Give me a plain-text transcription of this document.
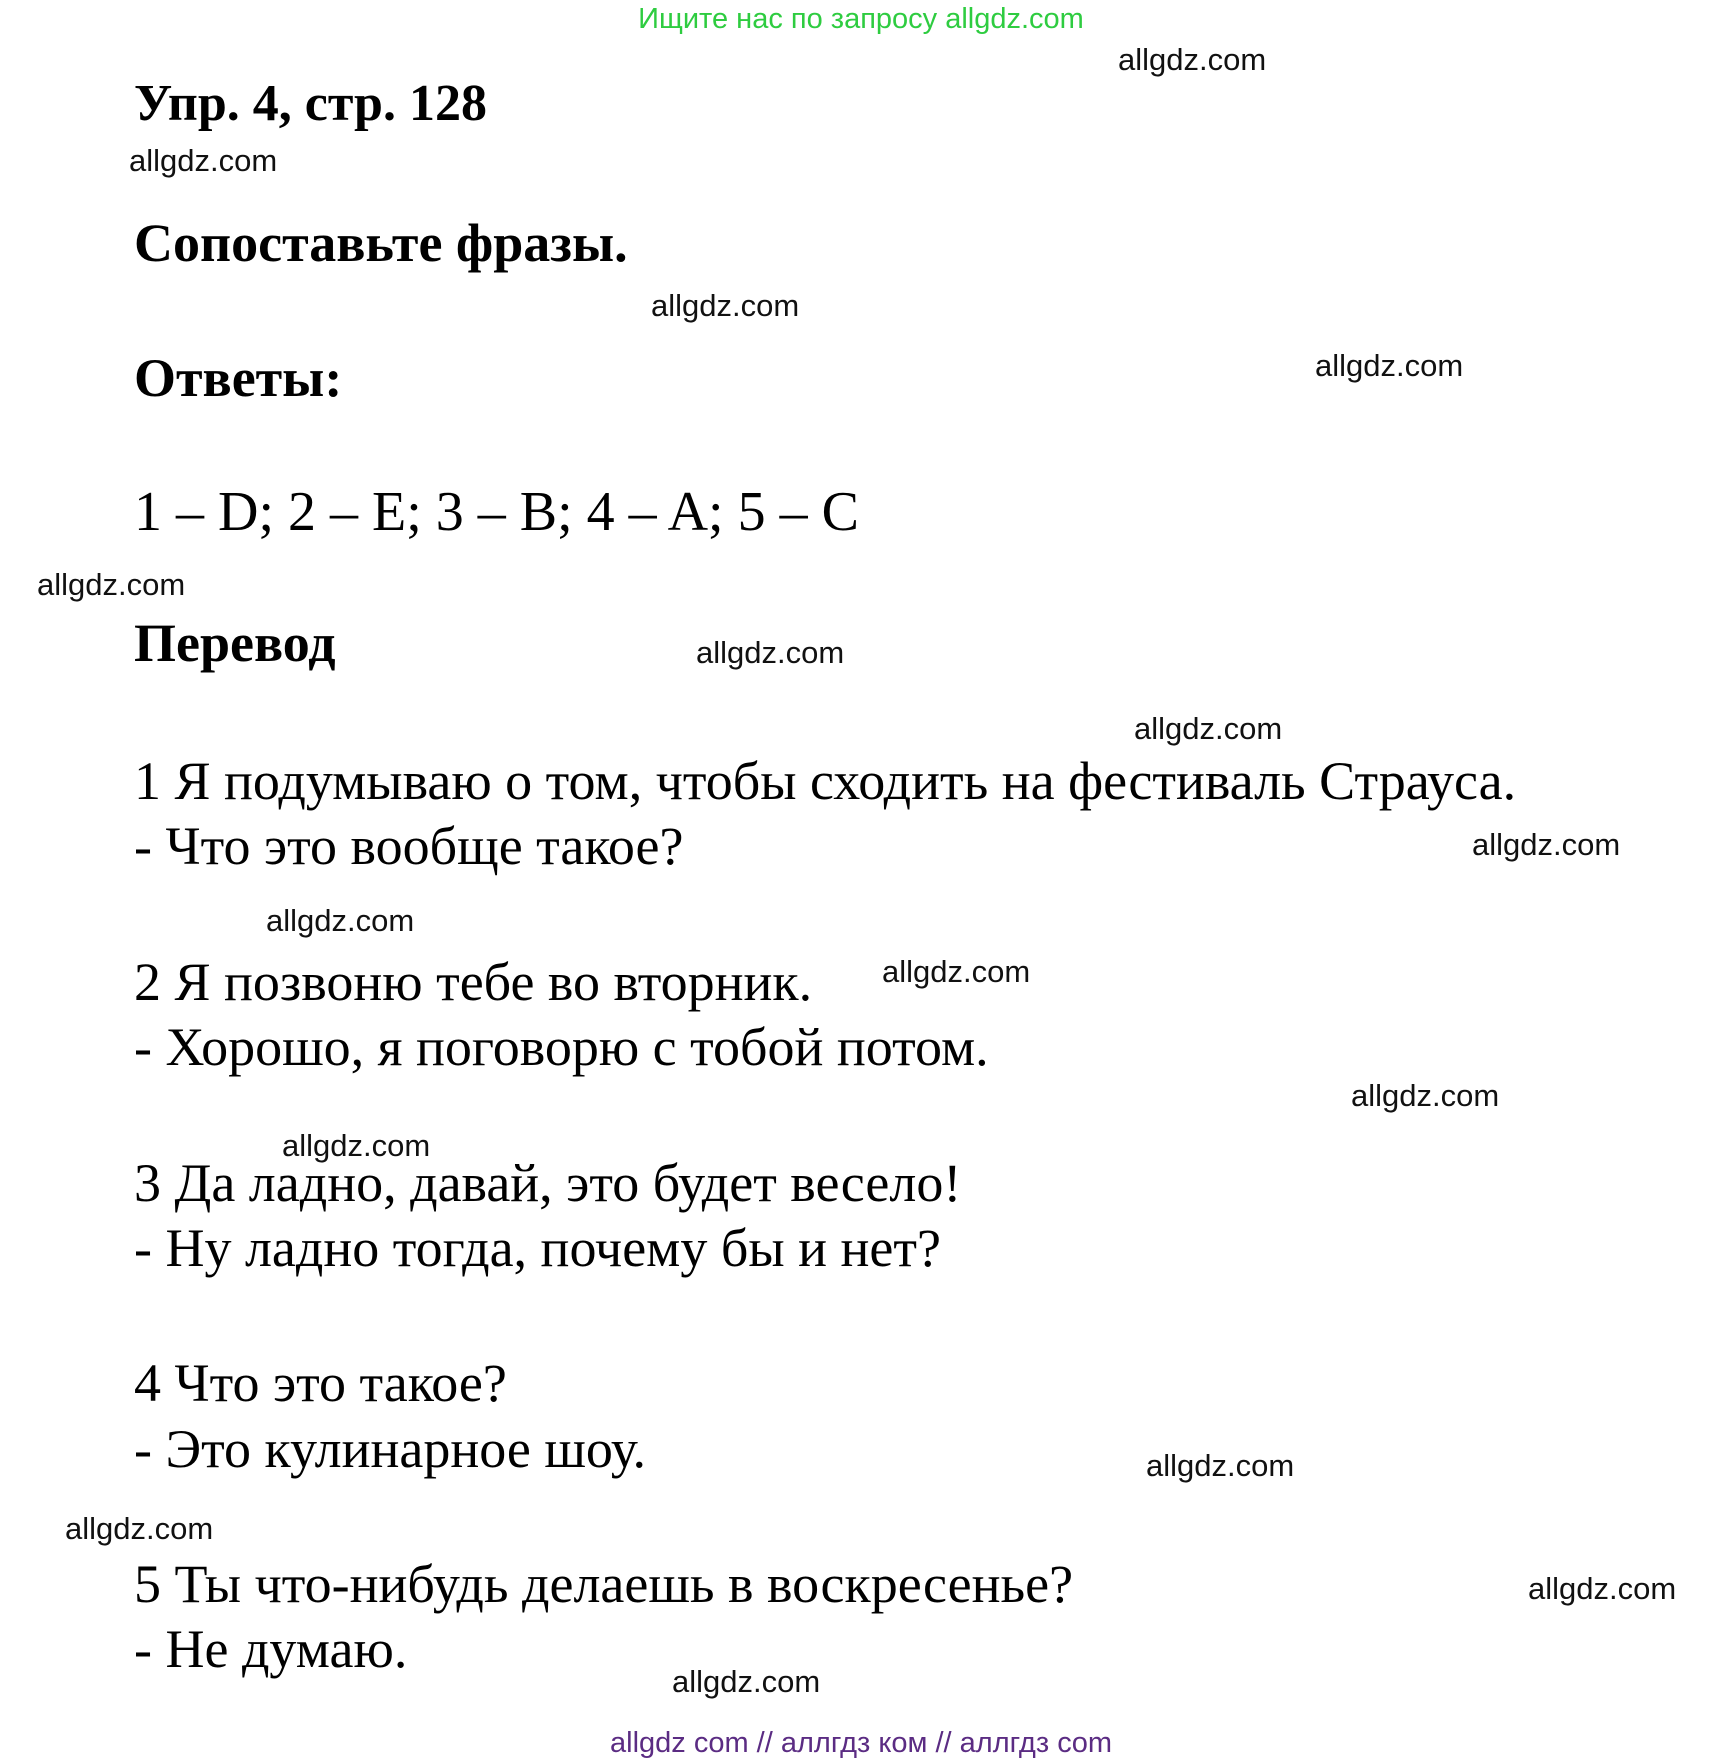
Ищите нас по запросу allgdz.com
Упр. 4, стр. 128
Сопоставьте фразы.
Ответы:
1 – D; 2 – E; 3 – B; 4 – A; 5 – C
Перевод
1 Я подумываю о том, чтобы сходить на фестиваль Страуса.
- Что это вообще такое?
2 Я позвоню тебе во вторник.
- Хорошо, я поговорю с тобой потом.
3 Да ладно, давай, это будет весело!
- Ну ладно тогда, почему бы и нет?
4 Что это такое?
- Это кулинарное шоу.
5 Ты что-нибудь делаешь в воскресенье?
- Не думаю.
allgdz.com
allgdz.com
allgdz.com
allgdz.com
allgdz.com
allgdz.com
allgdz.com
allgdz.com
allgdz.com
allgdz.com
allgdz.com
allgdz.com
allgdz.com
allgdz.com
allgdz.com
allgdz.com
allgdz com // аллгдз ком // аллгдз com
